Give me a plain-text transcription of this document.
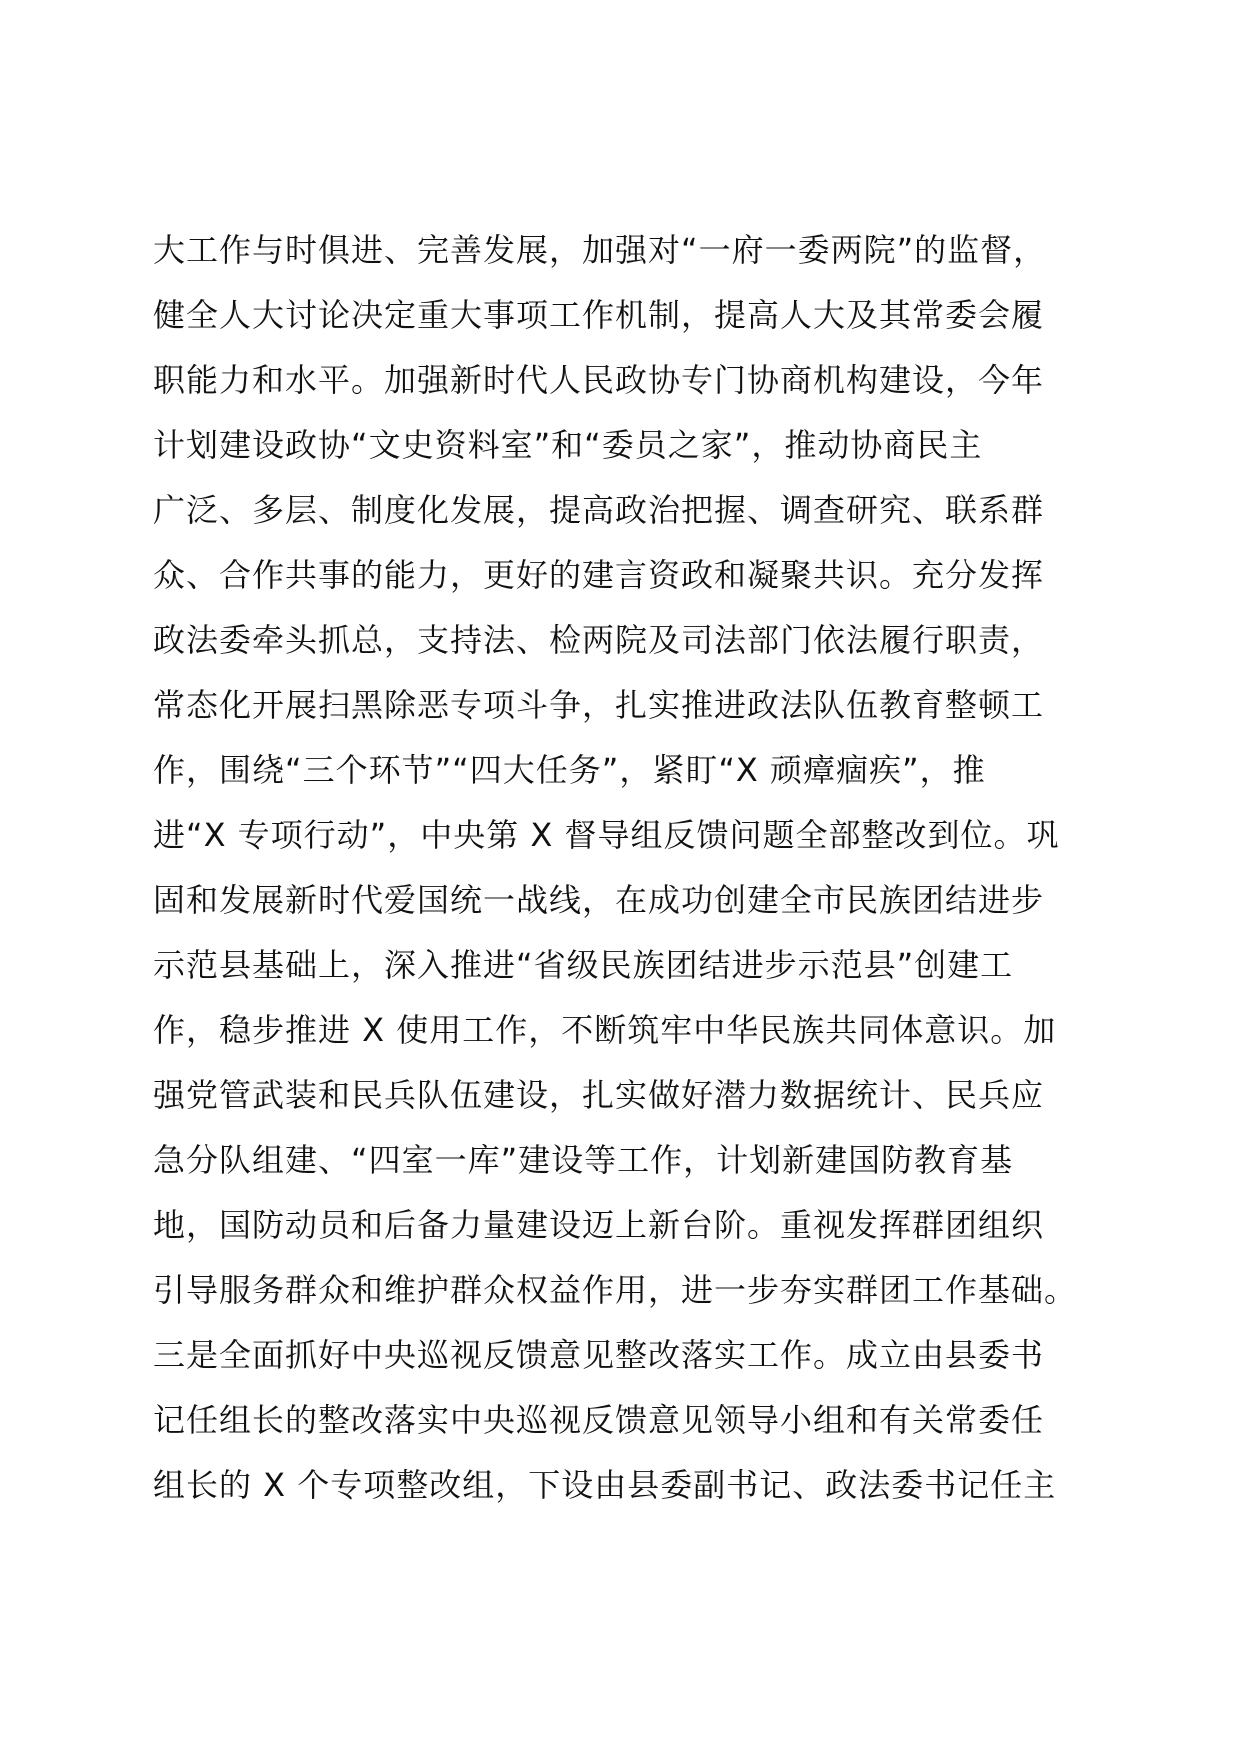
大工作与时俱进、完善发展，加强对“一府一委两院”的监督，
健全人大讨论决定重大事项工作机制，提高人大及其常委会履
职能力和水平。加强新时代人民政协专门协商机构建设，今年
计划建设政协“文史资料室”和“委员之家”，推动协商民主
广泛、多层、制度化发展，提高政治把握、调查研究、联系群
众、合作共事的能力，更好的建言资政和凝聚共识。充分发挥
政法委牵头抓总，支持法、检两院及司法部门依法履行职责，
常态化开展扫黑除恶专项斗争，扎实推进政法队伍教育整顿工
作，围绕“三个环节”“四大任务”，紧盯“X 顽瘴痼疾”，推
进“X 专项行动”，中央第 X 督导组反馈问题全部整改到位。巩
固和发展新时代爱国统一战线，在成功创建全市民族团结进步
示范县基础上，深入推进“省级民族团结进步示范县”创建工
作，稳步推进 X 使用工作，不断筑牢中华民族共同体意识。加
强党管武装和民兵队伍建设，扎实做好潜力数据统计、民兵应
急分队组建、“四室一库”建设等工作，计划新建国防教育基
地，国防动员和后备力量建设迈上新台阶。重视发挥群团组织
引导服务群众和维护群众权益作用，进一步夯实群团工作基础。
三是全面抓好中央巡视反馈意见整改落实工作。成立由县委书
记任组长的整改落实中央巡视反馈意见领导小组和有关常委任
组长的 X 个专项整改组，下设由县委副书记、政法委书记任主
